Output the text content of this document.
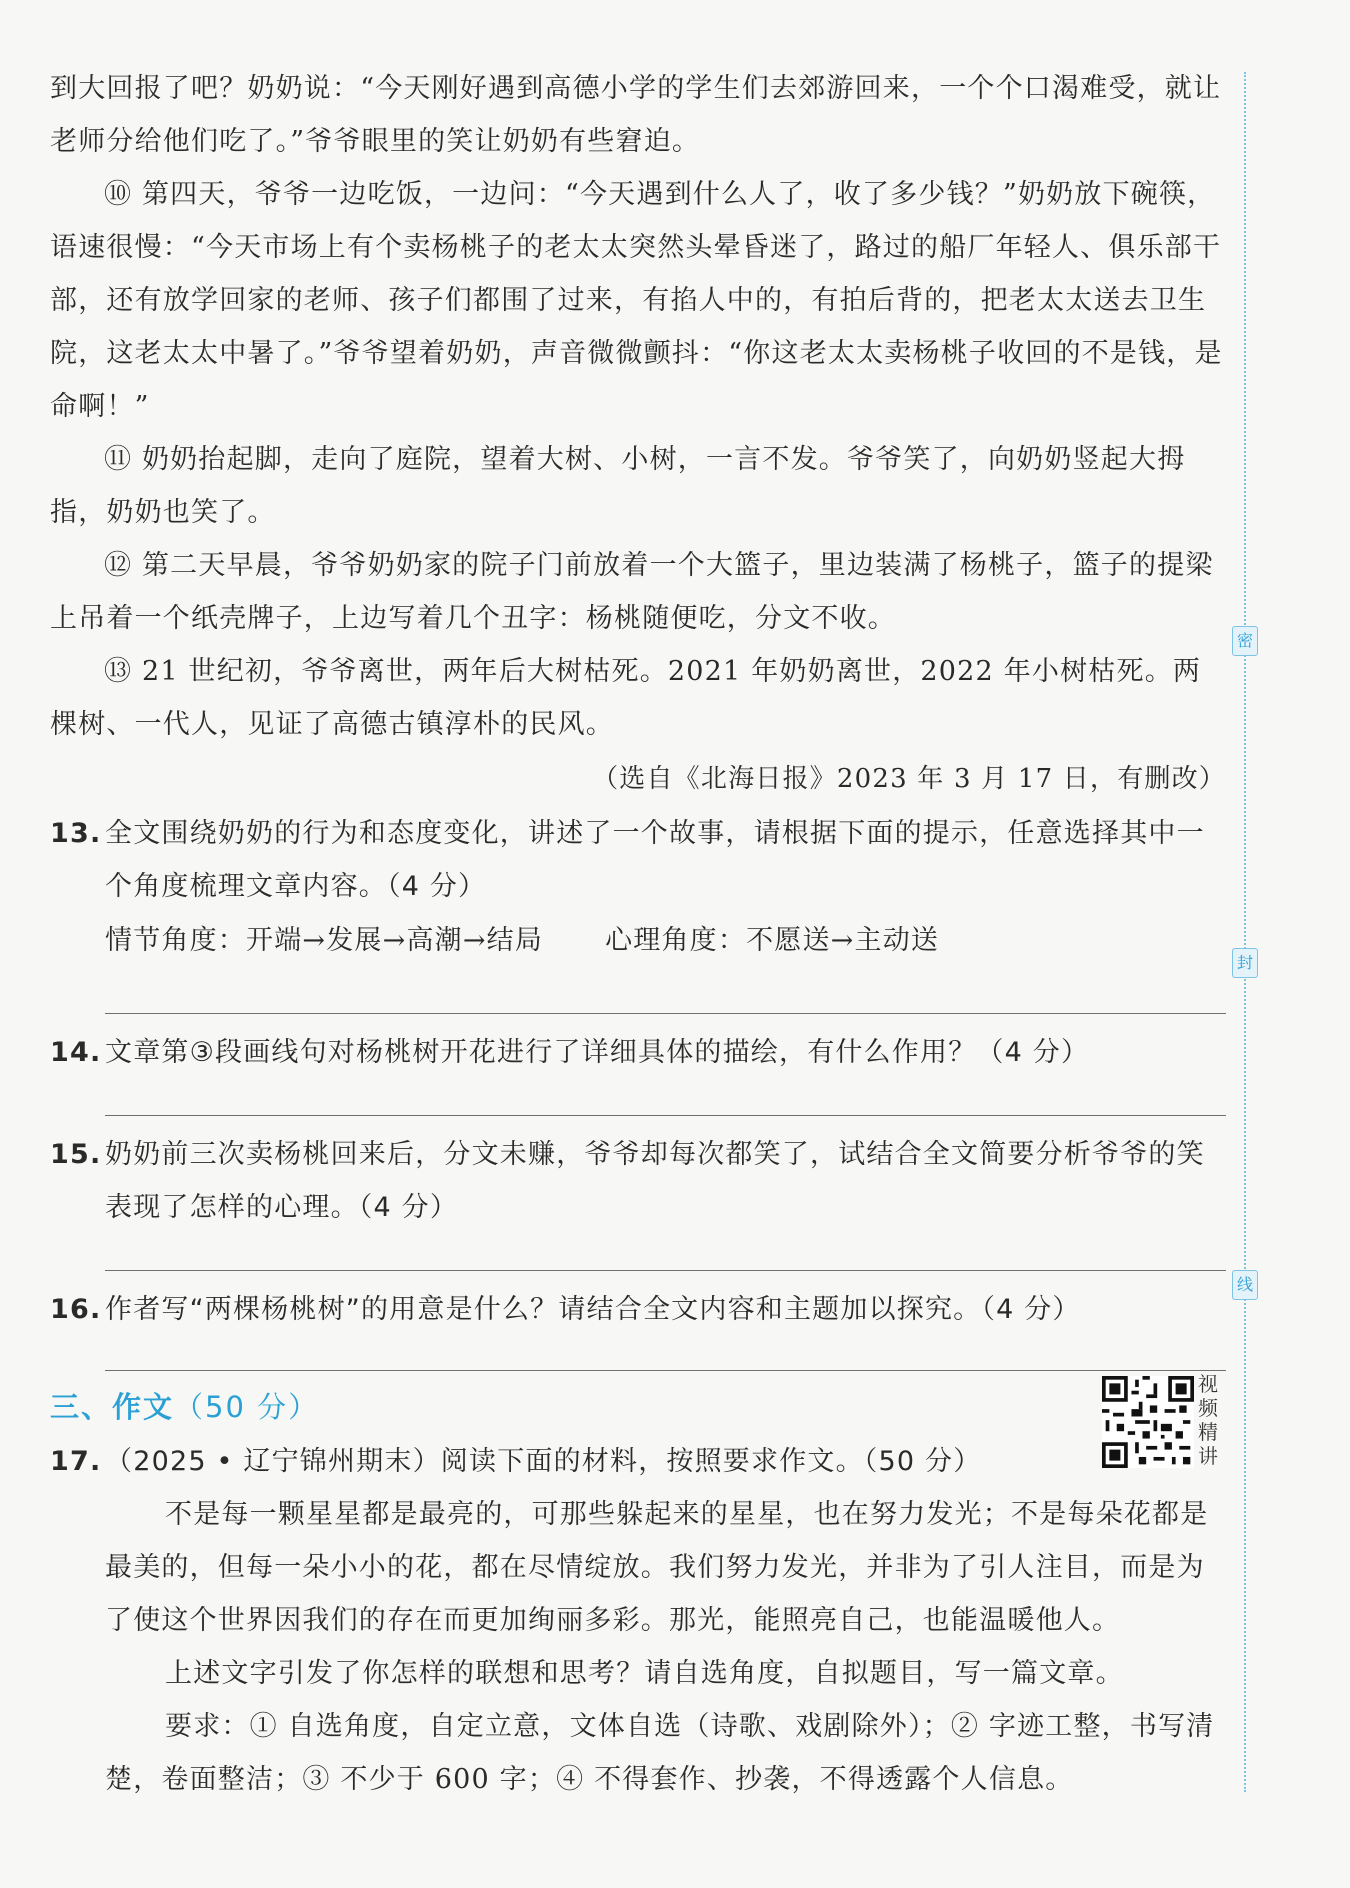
到大回报了吧？奶奶说：“今天刚好遇到高德小学的学生们去郊游回来，一个个口渴难受，就让老师分给他们吃了。”爷爷眼里的笑让奶奶有些窘迫。

⑩ 第四天，爷爷一边吃饭，一边问：“今天遇到什么人了，收了多少钱？”奶奶放下碗筷，语速很慢：“今天市场上有个卖杨桃子的老太太突然头晕昏迷了，路过的船厂年轻人、俱乐部干部，还有放学回家的老师、孩子们都围了过来，有掐人中的，有拍后背的，把老太太送去卫生院，这老太太中暑了。”爷爷望着奶奶，声音微微颤抖：“你这老太太卖杨桃子收回的不是钱，是命啊！”

⑪ 奶奶抬起脚，走向了庭院，望着大树、小树，一言不发。爷爷笑了，向奶奶竖起大拇指，奶奶也笑了。

⑫ 第二天早晨，爷爷奶奶家的院子门前放着一个大篮子，里边装满了杨桃子，篮子的提梁上吊着一个纸壳牌子，上边写着几个丑字：杨桃随便吃，分文不收。

⑬ 21 世纪初，爷爷离世，两年后大树枯死。2021 年奶奶离世，2022 年小树枯死。两棵树、一代人，见证了高德古镇淳朴的民风。

（选自《北海日报》2023 年 3 月 17 日，有删改）

13. 全文围绕奶奶的行为和态度变化，讲述了一个故事，请根据下面的提示，任意选择其中一个角度梳理文章内容。（4 分）

情节角度：开端→发展→高潮→结局 心理角度：不愿送→主动送

14. 文章第③段画线句对杨桃树开花进行了详细具体的描绘，有什么作用？（4 分）
15. 奶奶前三次卖杨桃回来后，分文未赚，爷爷却每次都笑了，试结合全文简要分析爷爷的笑表现了怎样的心理。（4 分）
16. 作者写“两棵杨桃树”的用意是什么？请结合全文内容和主题加以探究。（4 分）

三、作文（50 分）

17. （2025 • 辽宁锦州期末）阅读下面的材料，按照要求作文。（50 分）

不是每一颗星星都是最亮的，可那些躲起来的星星，也在努力发光；不是每朵花都是最美的，但每一朵小小的花，都在尽情绽放。我们努力发光，并非为了引人注目，而是为了使这个世界因我们的存在而更加绚丽多彩。那光，能照亮自己，也能温暖他人。

上述文字引发了你怎样的联想和思考？请自选角度，自拟题目，写一篇文章。

要求：① 自选角度，自定立意，文体自选（诗歌、戏剧除外）；② 字迹工整，书写清楚，卷面整洁；③ 不少于 600 字；④ 不得套作、抄袭，不得透露个人信息。

视
频
精
讲
密
封
线
